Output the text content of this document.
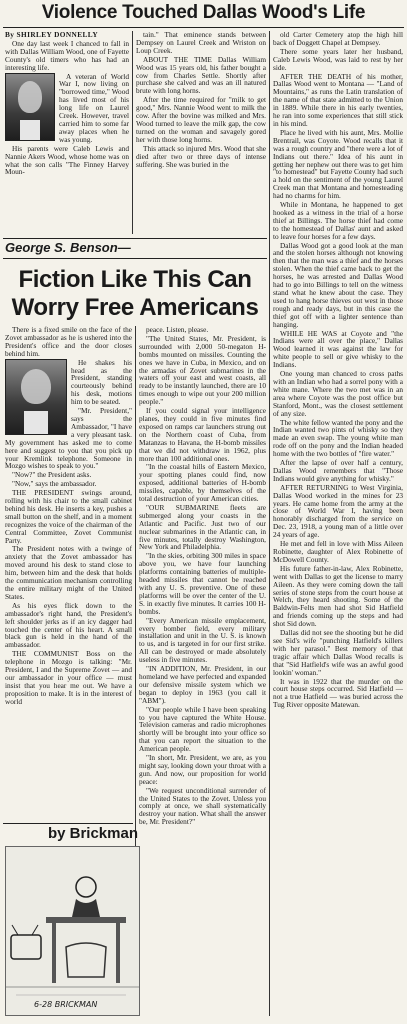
Violence Touched Dallas Wood's Life

By SHIRLEY DONNELLY

One day last week I chanced to fall in with Dallas William Wood, one of Fayette County's old timers who has had an interesting life.

A veteran of World War I, now living on "borrowed time," Wood has lived most of his long life on Laurel Creek. However, travel carried him to some far away places when he was young.

His parents were Caleb Lewis and Nannie Akers Wood, whose home was on what the son calls "The Finney Harvey Moun-

tain." That eminence stands between Dempsey on Laurel Creek and Wriston on Loup Creek.

ABOUT THE TIME Dallas William Wood was 15 years old, his father bought a cow from Charles Settle. Shortly after purchase she calved and was an ill natured brute with long horns.

After the time required for "milk to get good," Mrs. Nannie Wood went to milk the cow. After the bovine was milked and Mrs. Wood turned to leave the milk gap, the cow turned on the woman and savagely gored her with those long horns.

This attack so injured Mrs. Wood that she died after two or three days of intense suffering. She was buried in the

old Carter Cemetery atop the high hill back of Doggett Chapel at Dempsey.

There some years later her husband, Caleb Lewis Wood, was laid to rest by her side.

AFTER THE DEATH of his mother, Dallas Wood went to Montana — "Land of Mountains," as runs the Latin translation of the name of that state admitted to the Union in 1889. While there in his early twenties, he ran into some experiences that still stick in his mind.

Place he lived with his aunt, Mrs. Mollie Brentrail, was Coyote. Wood recalls that it was a rough country and "there were a lot of Indians out there." Idea of his aunt in getting her nephew out there was to get him "to homestead" but Fayette County had such a hold on the sentiment of the young Laurel Creek man that Montana and homesteading had no charms for him.

While in Montana, he happened to get hooked as a witness in the trial of a horse thief at Billings. The horse thief had come to the homestead of Dallas' aunt and asked to leave four horses for a few days.

Dallas Wood got a good look at the man and the stolen horses although not knowing then that the man was a thief and the horses stolen. When the thief came back to get the horses, he was arrested and Dallas Wood had to go into Billings to tell on the witness stand what he knew about the case. They used to hang horse thieves out west in those rough and ready days, but in this case the thief got off with a lighter sentence than hanging.

WHILE HE WAS at Coyote and "the Indians were all over the place," Dallas Wood learned it was against the law for white people to sell or give whisky to the Indians.

One young man chanced to cross paths with an Indian who had a sorrel pony with a white mane. Where the two met was in an area where Coyote was the post office but Stanford, Mont., was the closest settlement of any size.

The white fellow wanted the pony and the Indian wanted two pints of whisky so they made an even swap. The young white man rode off on the pony and the Indian headed home with the two bottles of "fire water."

After the lapse of over half a century, Dallas Wood remembers that "Those Indians would give anything for whisky."

AFTER RETURNING to West Virginia, Dallas Wood worked in the mines for 23 years. He came home from the army at the close of World War I, having been honorably discharged from the service on Dec. 23, 1918, a young man of a little over 24 years of age.

He met and fell in love with Miss Aileen Robinette, daughter of Alex Robinette of McDowell County.

His future father-in-law, Alex Robinette, went with Dallas to get the license to marry Aileen. As they were coming down the tall series of stone steps from the court house at Welch, they heard shooting. Some of the Baldwin-Felts men had shot Sid Hatfield and friends coming up the steps and had shot Sid down.

Dallas did not see the shooting but he did see Sid's wife "punching Hatfield's killers with her parasol." Best memory of that tragic affair which Dallas Wood recalls is that "Sid Hatfield's wife was an awful good lookin' woman."

It was in 1922 that the murder on the court house steps occurred. Sid Hatfield — not a true Hatfield — was buried across the Tug River opposite Matewan.

George S. Benson—
Fiction Like This Can Worry Free Americans

There is a fixed smile on the face of the Zovet ambassador as he is ushered into the President's office and the door closes behind him.

He shakes his head as the President, standing courteously behind his desk, motions him to be seated.

"Mr. President," says the Ambassador, "I have a very pleasant task. My government has asked me to come here and suggest to you that you pick up your Kremlink telephone. Someone in Mozgo wishes to speak to you."

"Now?" the President asks.

"Now," says the ambassador.

THE PRESIDENT swings around, rolling with his chair to the small cabinet behind his desk. He inserts a key, pushes a small button on the shelf, and in a moment recognizes the voice of the chairman of the Central Committee, Zovet Communist Party.

The President notes with a twinge of anxiety that the Zovet ambassador has moved around his desk to stand close to him, between him and the desk that holds the communication mechanism controlling the entire military might of the United States.

As his eyes flick down to the ambassador's right hand, the President's left shoulder jerks as if an icy dagger had touched the center of his heart. A small black gun is held in the hand of the ambassador.

THE COMMUNIST Boss on the telephone in Mozgo is talking: "Mr. President, I and the Supreme Zovet — and our ambassador in your office — must insist that you hear me out. We have a proposition to make. It is in the interest of world

peace. Listen, please.

"The United States, Mr. President, is surrounded with 2,000 50-megaton H-bombs mounted on missiles. Counting the ones we have in Cuba, in Mexico, and on the armadas of Zovet submarines in the waters off your east and west coasts, all ready to be instantly launched, there are 10 times enough to wipe out your 200 million people."

If you could signal your intelligence planes, they could in five minutes find exposed on ramps car launchers strung out on the Northern coast of Cuba, from Matanzas to Havana, the H-bomb missiles that we did not withdraw in 1962, plus more than 100 additional ones.

"In the coastal hills of Eastern Mexico, your spotting planes could find, now exposed, additional batteries of H-bomb missiles, capable, by themselves of the total destruction of your American cities.

"OUR SUBMARINE fleets are submerged along your coasts in the Atlantic and Pacific. Just two of our nuclear submarines in the Atlantic can, in five minutes, totally destroy Washington, New York and Philadelphia.

"In the skies, orbiting 300 miles in space above you, we have four launching platforms containing batteries of multiple-headed missiles that cannot be reached with any U. S. preventive. One of these platforms will be over the center of the U. S. in exactly five minutes. It carries 100 H-bombs.

"Every American missile emplacement, every bomber field, every military installation and unit in the U. S. is known to us, and is targeted in for our first strike. All can be destroyed or made absolutely useless in five minutes.

"IN ADDITION, Mr. President, in our homeland we have perfected and expanded our defensive missile system which we began to deploy in 1963 (you call it "ABM").

"Our people while I have been speaking to you have captured the White House. Television cameras and radio microphones shortly will be brought into your office so that you can report the situation to the American people.

"In short, Mr. President, we are, as you might say, looking down your throat with a gun. And now, our proposition for world peace:

"We request unconditional surrender of the United States to the Zovet. Unless you comply at once, we shall systematically destroy your nation. What shall the answer be, Mr. President?"

by Brickman
6-28 BRICKMAN
